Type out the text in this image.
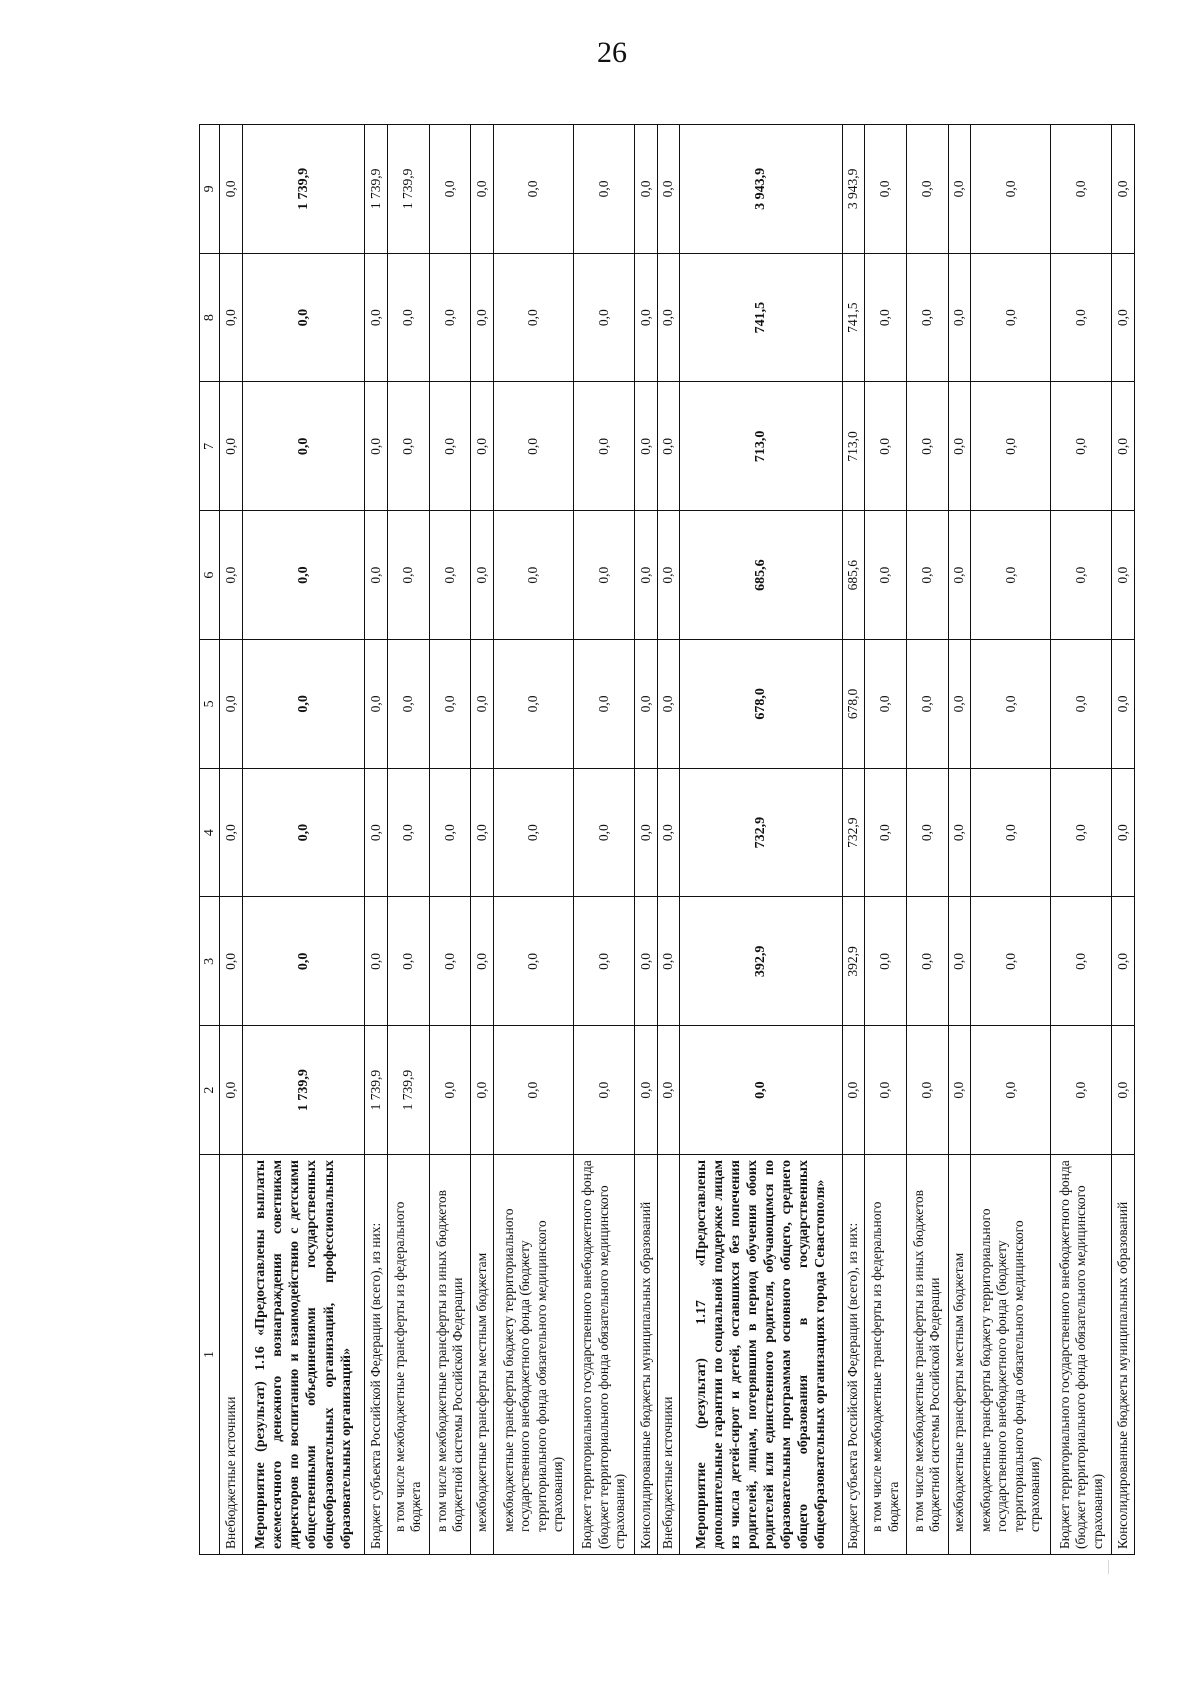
26
1	2	3	4	5	6	7	8	9
Внебюджетные источники	0,0	0,0	0,0	0,0	0,0	0,0	0,0	0,0
Мероприятие (результат) 1.16 «Предоставлены выплаты ежемесячного денежного вознаграждения советникам директоров по воспитанию и взаимодействию с детскими общественными объединениями государственных общеобразовательных организаций, профессиональных образовательных организаций»	1 739,9	0,0	0,0	0,0	0,0	0,0	0,0	1 739,9
Бюджет субъекта Российской Федерации (всего), из них:	1 739,9	0,0	0,0	0,0	0,0	0,0	0,0	1 739,9
в том числе межбюджетные трансферты из федерального бюджета	1 739,9	0,0	0,0	0,0	0,0	0,0	0,0	1 739,9
в том числе межбюджетные трансферты из иных бюджетов бюджетной системы Российской Федерации	0,0	0,0	0,0	0,0	0,0	0,0	0,0	0,0
межбюджетные трансферты местным бюджетам	0,0	0,0	0,0	0,0	0,0	0,0	0,0	0,0
межбюджетные трансферты бюджету территориального государственного внебюджетного фонда (бюджету территориального фонда обязательного медицинского страхования)	0,0	0,0	0,0	0,0	0,0	0,0	0,0	0,0
Бюджет территориального государственного внебюджетного фонда (бюджет территориального фонда обязательного медицинского страхования)	0,0	0,0	0,0	0,0	0,0	0,0	0,0	0,0
Консолидированные бюджеты муниципальных образований	0,0	0,0	0,0	0,0	0,0	0,0	0,0	0,0
Внебюджетные источники	0,0	0,0	0,0	0,0	0,0	0,0	0,0	0,0
Мероприятие (результат) 1.17 «Предоставлены дополнительные гарантии по социальной поддержке лицам из числа детей-сирот и детей, оставшихся без попечения родителей, лицам, потерявшим в период обучения обоих родителей или единственного родителя, обучающимся по образовательным программам основного общего, среднего общего образования в государственных общеобразовательных организациях города Севастополя»	0,0	392,9	732,9	678,0	685,6	713,0	741,5	3 943,9
Бюджет субъекта Российской Федерации (всего), из них:	0,0	392,9	732,9	678,0	685,6	713,0	741,5	3 943,9
в том числе межбюджетные трансферты из федерального бюджета	0,0	0,0	0,0	0,0	0,0	0,0	0,0	0,0
в том числе межбюджетные трансферты из иных бюджетов бюджетной системы Российской Федерации	0,0	0,0	0,0	0,0	0,0	0,0	0,0	0,0
межбюджетные трансферты местным бюджетам	0,0	0,0	0,0	0,0	0,0	0,0	0,0	0,0
межбюджетные трансферты бюджету территориального государственного внебюджетного фонда (бюджету территориального фонда обязательного медицинского страхования)	0,0	0,0	0,0	0,0	0,0	0,0	0,0	0,0
Бюджет территориального государственного внебюджетного фонда (бюджет территориального фонда обязательного медицинского страхования)	0,0	0,0	0,0	0,0	0,0	0,0	0,0	0,0
Консолидированные бюджеты муниципальных образований	0,0	0,0	0,0	0,0	0,0	0,0	0,0	0,0
